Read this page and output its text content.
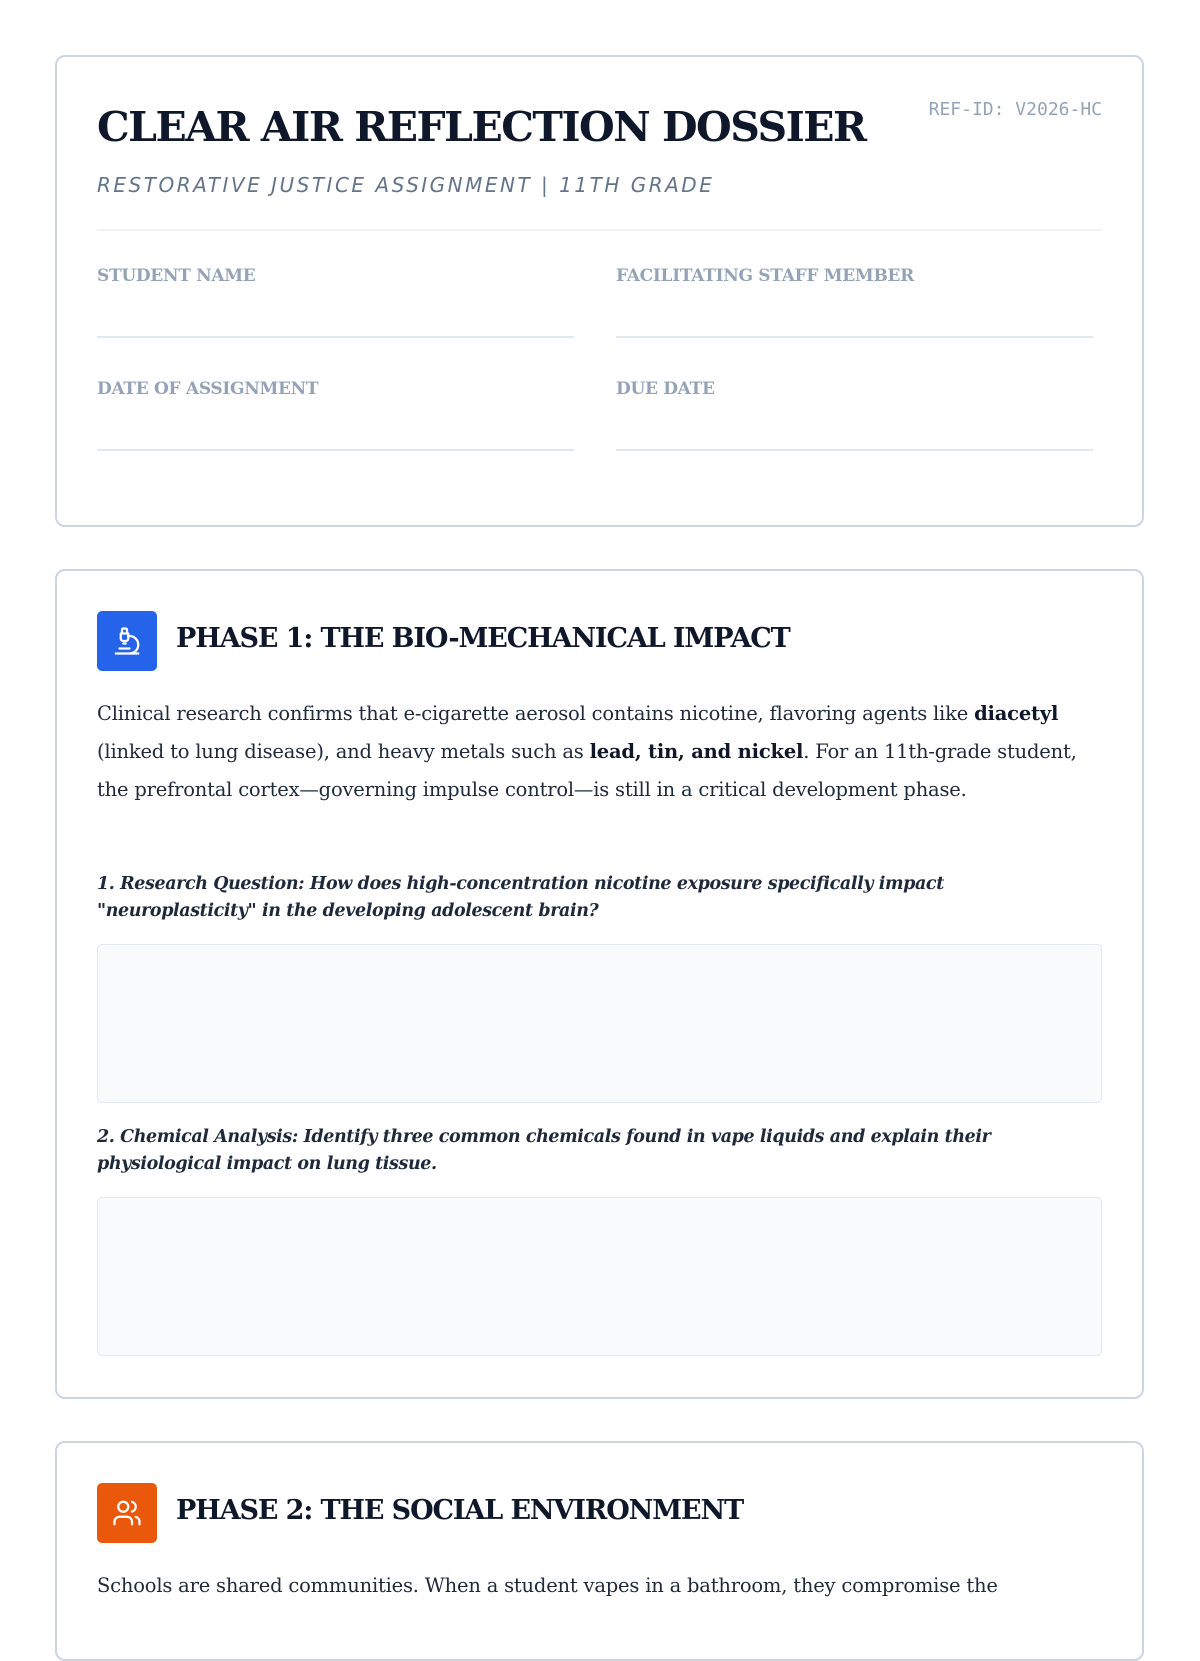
CLEAR AIR REFLECTION DOSSIER	REF-ID: V2026-HC
RESTORATIVE JUSTICE ASSIGNMENT | 11TH GRADE
STUDENT NAME	FACILITATING STAFF MEMBER
DATE OF ASSIGNMENT	DUE DATE
PHASE 1: THE BIO-MECHANICAL IMPACT
Clinical research confirms that e-cigarette aerosol contains nicotine, flavoring agents like diacetyl (linked to lung disease), and heavy metals such as lead, tin, and nickel. For an 11th-grade student, the prefrontal cortex—governing impulse control—is still in a critical development phase.
1. Research Question: How does high-concentration nicotine exposure specifically impact "neuroplasticity" in the developing adolescent brain?
2. Chemical Analysis: Identify three common chemicals found in vape liquids and explain their physiological impact on lung tissue.
PHASE 2: THE SOCIAL ENVIRONMENT
Schools are shared communities. When a student vapes in a bathroom, they compromise the
